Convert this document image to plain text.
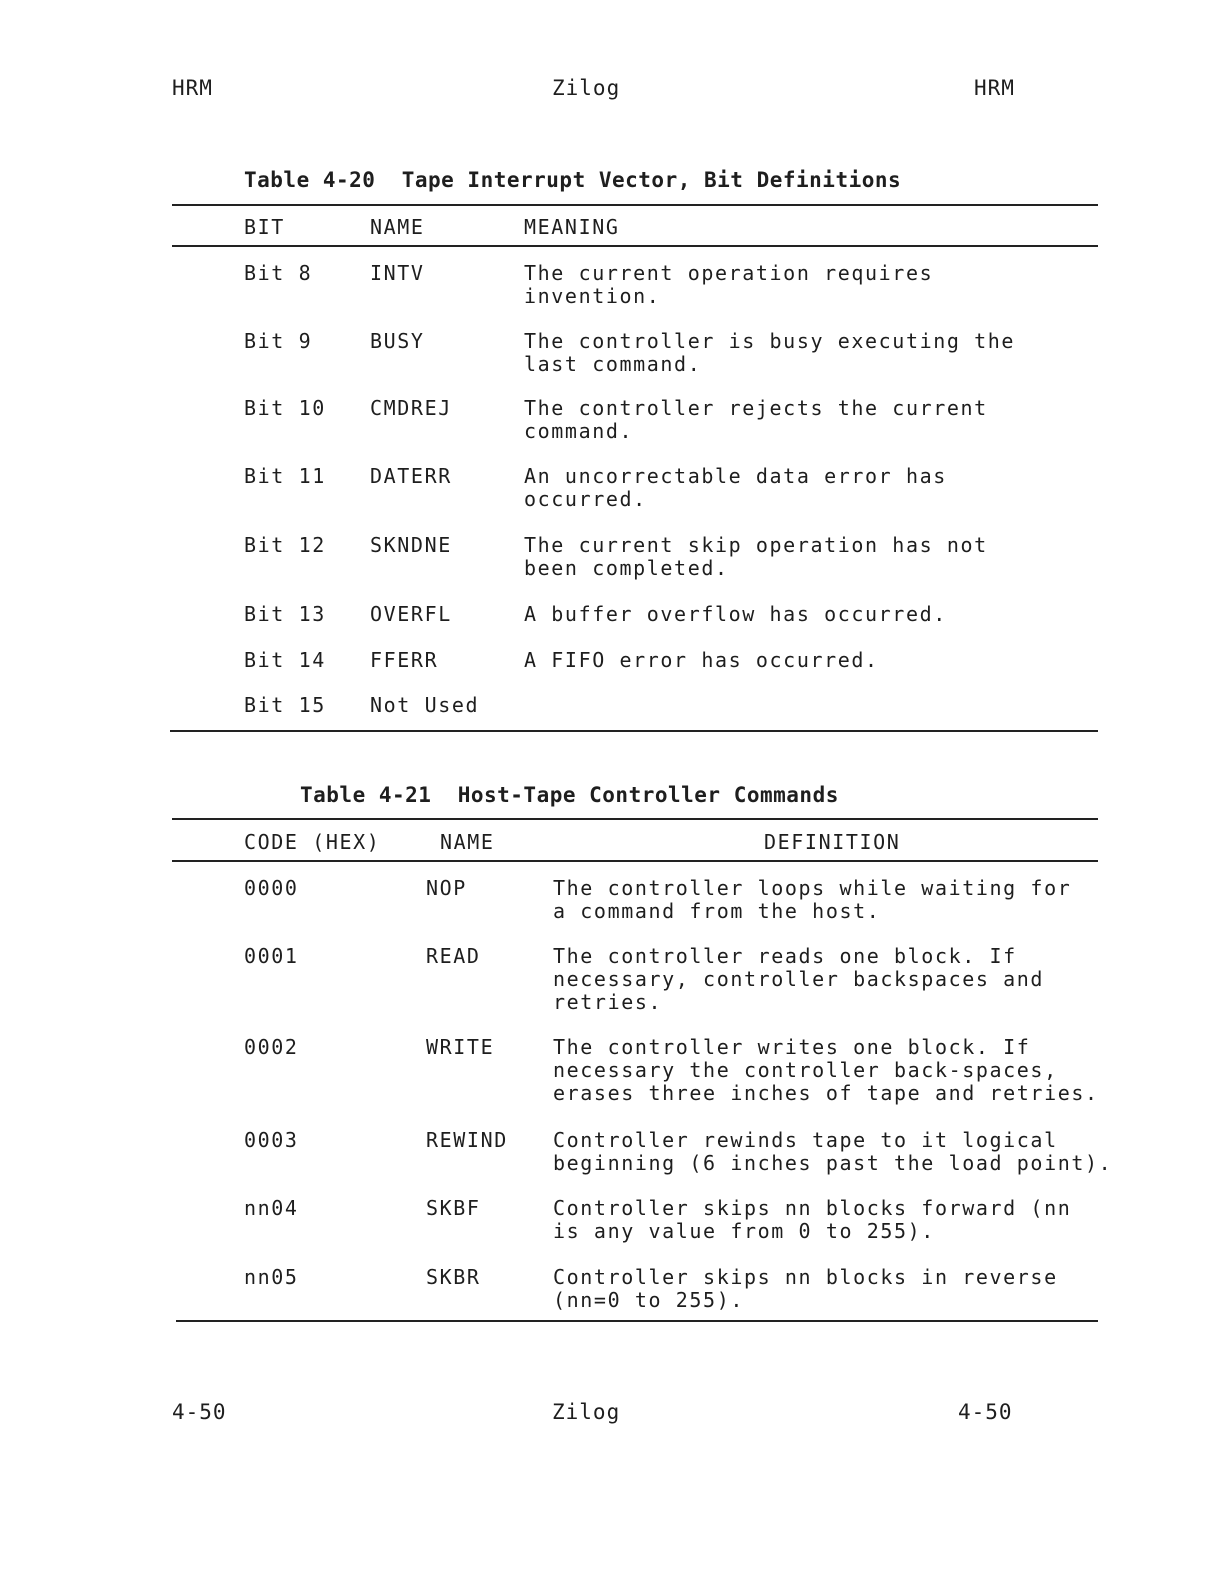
HRM	Zilog	HRM
Table 4-20  Tape Interrupt Vector, Bit Definitions
BIT	NAME	MEANING
Bit 8	INTV	The current operation requires
invention.
Bit 9	BUSY	The controller is busy executing the
last command.
Bit 10 CMDREJ	The controller rejects the current
command.
Bit 11 DATERR	An uncorrectable data error has
occurred.
Bit 12 SKNDNE	The current skip operation has not
been completed.
Bit 13 OVERFL	A buffer overflow has occurred.
Bit 14 FFERR	A FIFO error has occurred.
Bit 15 Not Used
Table 4-21  Host-Tape Controller Commands
CODE (HEX)	NAME	DEFINITION
0000	NOP	The controller loops while waiting for
a command from the host.
0001	READ	The controller reads one block. If
necessary, controller backspaces and
retries.
0002	WRITE	The controller writes one block. If
necessary the controller back-spaces,
erases three inches of tape and retries.
0003	REWIND Controller rewinds tape to it logical
beginning (6 inches past the load point).
nn04	SKBF	Controller skips nn blocks forward (nn
is any value from 0 to 255).
nn05	SKBR	Controller skips nn blocks in reverse
(nn=0 to 255).
4-50	Zilog	4-50
